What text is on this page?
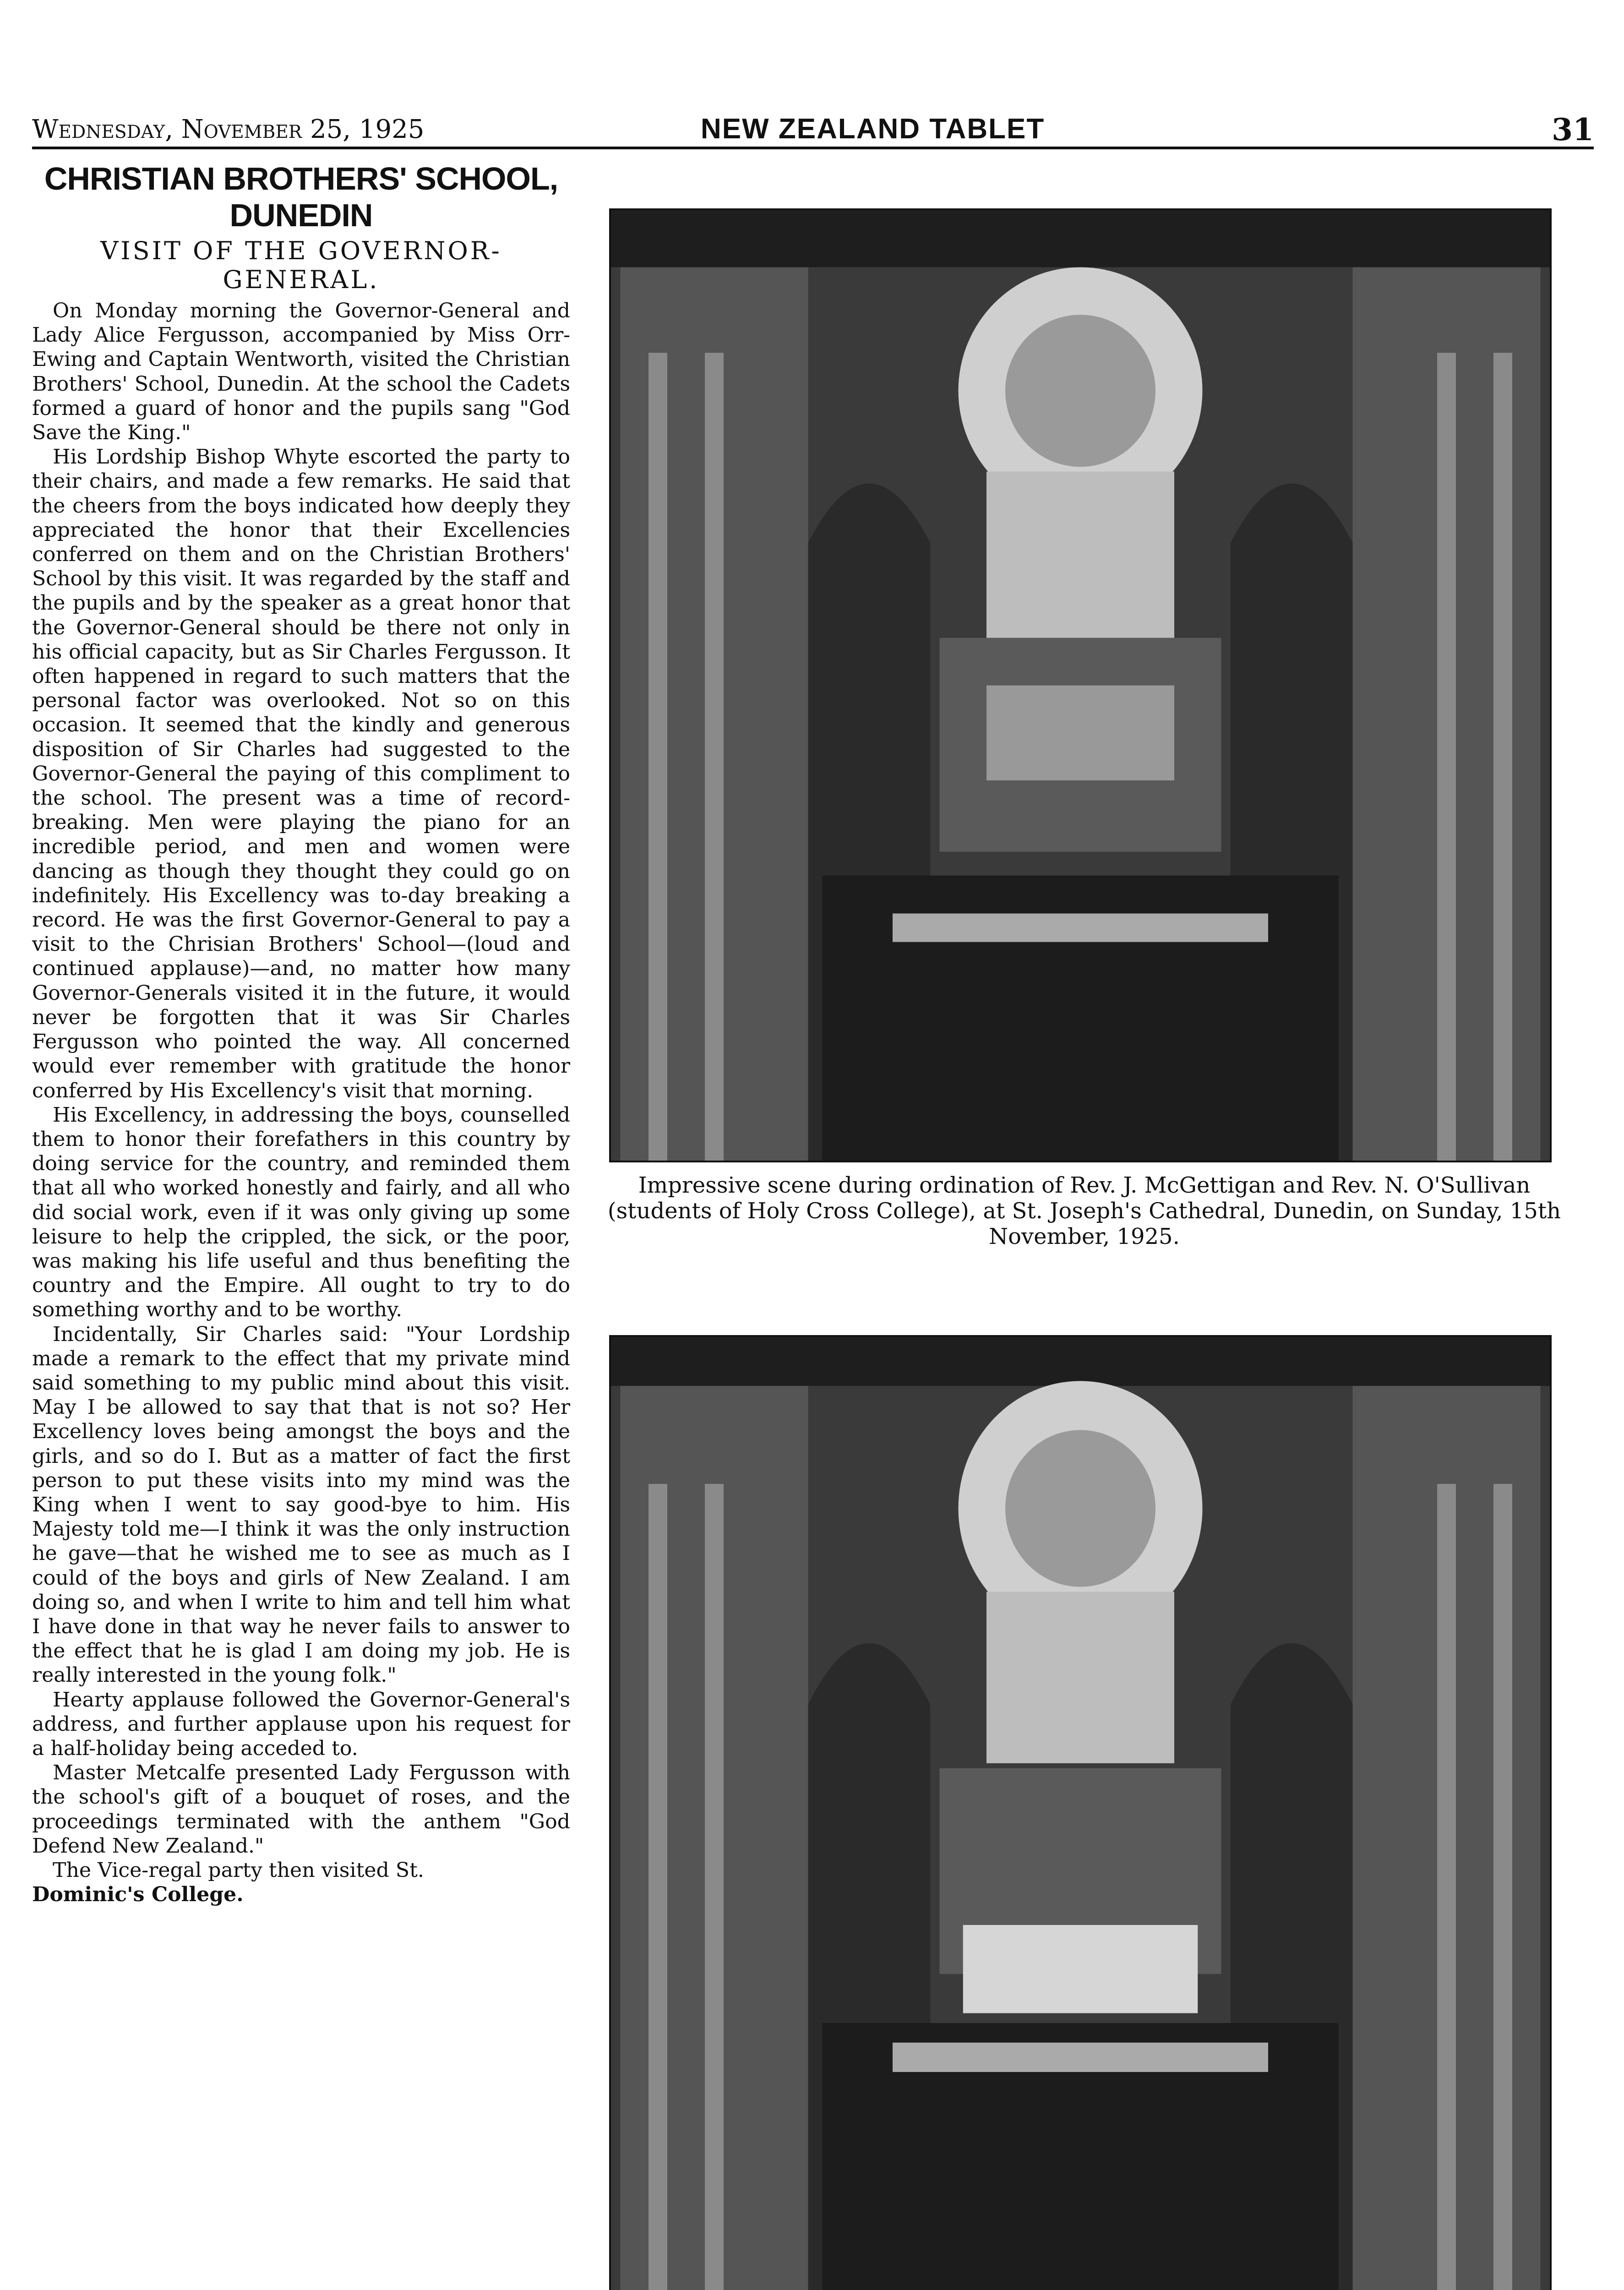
Wednesday, November 25, 1925	NEW ZEALAND TABLET	31
CHRISTIAN BROTHERS' SCHOOL, DUNEDIN
VISIT OF THE GOVERNOR-GENERAL.

On Monday morning the Governor-General and Lady Alice Fergusson, accompanied by Miss Orr-Ewing and Captain Wentworth, visited the Christian Brothers' School, Dunedin. At the school the Cadets formed a guard of honor and the pupils sang "God Save the King."

His Lordship Bishop Whyte escorted the party to their chairs, and made a few remarks. He said that the cheers from the boys indicated how deeply they appreciated the honor that their Excellencies conferred on them and on the Christian Brothers' School by this visit. It was regarded by the staff and the pupils and by the speaker as a great honor that the Governor-General should be there not only in his official capacity, but as Sir Charles Fergusson. It often happened in regard to such matters that the personal factor was overlooked. Not so on this occasion. It seemed that the kindly and generous disposition of Sir Charles had suggested to the Governor-General the paying of this compliment to the school. The present was a time of record-breaking. Men were playing the piano for an incredible period, and men and women were dancing as though they thought they could go on indefinitely. His Excellency was to-day breaking a record. He was the first Governor-General to pay a visit to the Chrisian Brothers' School—(loud and continued applause)—and, no matter how many Governor-Generals visited it in the future, it would never be forgotten that it was Sir Charles Fergusson who pointed the way. All concerned would ever remember with gratitude the honor conferred by His Excellency's visit that morning.

His Excellency, in addressing the boys, counselled them to honor their forefathers in this country by doing service for the country, and reminded them that all who worked honestly and fairly, and all who did social work, even if it was only giving up some leisure to help the crippled, the sick, or the poor, was making his life useful and thus benefiting the country and the Empire. All ought to try to do something worthy and to be worthy.

Incidentally, Sir Charles said: "Your Lordship made a remark to the effect that my private mind said something to my public mind about this visit. May I be allowed to say that that is not so? Her Excellency loves being amongst the boys and the girls, and so do I. But as a matter of fact the first person to put these visits into my mind was the King when I went to say good-bye to him. His Majesty told me—I think it was the only instruction he gave—that he wished me to see as much as I could of the boys and girls of New Zealand. I am doing so, and when I write to him and tell him what I have done in that way he never fails to answer to the effect that he is glad I am doing my job. He is really interested in the young folk."

Hearty applause followed the Governor-General's address, and further applause upon his request for a half-holiday being acceded to.

Master Metcalfe presented Lady Fergusson with the school's gift of a bouquet of roses, and the proceedings terminated with the anthem "God Defend New Zealand."

The Vice-regal party then visited St.

Dominic's College.

Impressive scene during ordination of Rev. J. McGettigan and Rev. N. O'Sullivan (students of Holy Cross College), at St. Joseph's Cathedral, Dunedin, on Sunday, 15th November, 1925.
